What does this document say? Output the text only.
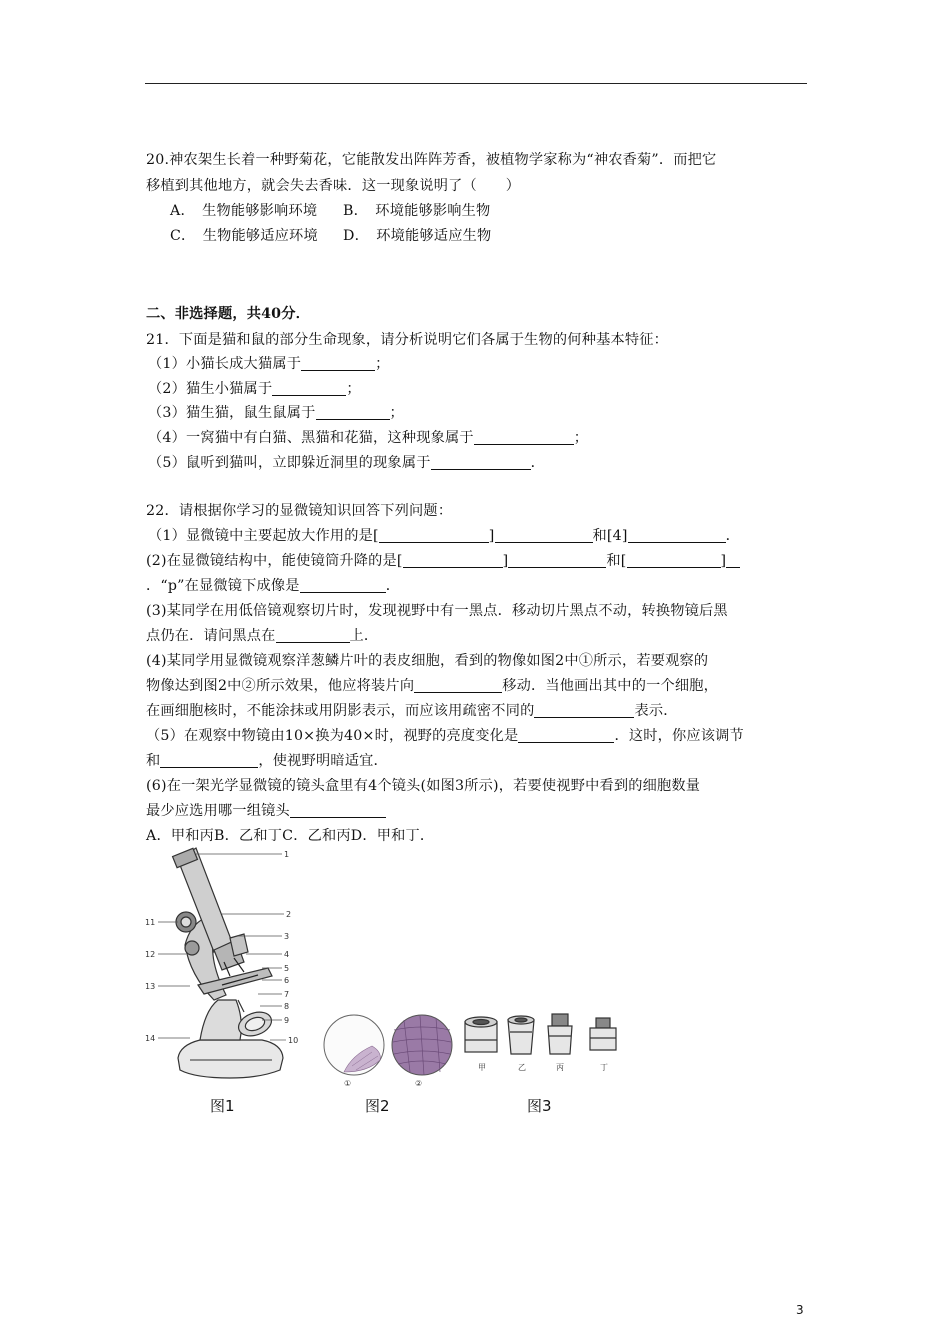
20.神农架生长着一种野菊花，它能散发出阵阵芳香，被植物学家称为“神农香菊”．而把它
移植到其他地方，就会失去香味．这一现象说明了（　　）
A．　生物能够影响环境 B．　环境能够影响生物
C．　生物能够适应环境 D．　环境能够适应生物
二、非选择题，共40分．
21．下面是猫和鼠的部分生命现象，请分析说明它们各属于生物的何种基本特征：
（1）小猫长成大猫属于	；
（2）猫生小猫属于	；
（3）猫生猫，鼠生鼠属于	；
（4）一窝猫中有白猫、黑猫和花猫，这种现象属于	；
（5）鼠听到猫叫，立即躲近洞里的现象属于	．
22．请根据你学习的显微镜知识回答下列问题：
（1）显微镜中主要起放大作用的是[	]	和[4]	．
(2)在显微镜结构中，能使镜筒升降的是[	]	和[	]
．“p”在显微镜下成像是	．
(3)某同学在用低倍镜观察切片时，发现视野中有一黑点．移动切片黑点不动，转换物镜后黑
点仍在．请问黑点在	上．
(4)某同学用显微镜观察洋葱鳞片叶的表皮细胞，看到的物像如图2中①所示，若要观察的
物像达到图2中②所示效果，他应将装片向	移动．当他画出其中的一个细胞，
在画细胞核时，不能涂抹或用阴影表示，而应该用疏密不同的	表示．
（5）在观察中物镜由10×换为40×时，视野的亮度变化是	．这时，你应该调节
和	，使视野明暗适宜．
(6)在一架光学显微镜的镜头盒里有4个镜头(如图3所示)，若要使视野中看到的细胞数量
最少应选用哪一组镜头
A．甲和丙B．乙和丁C．乙和丙D．甲和丁．
1
2
3
4
5
6
7
8
9
10
11
12
13
14
①	②
甲	乙	丙	丁
图1	图2	图3
3
